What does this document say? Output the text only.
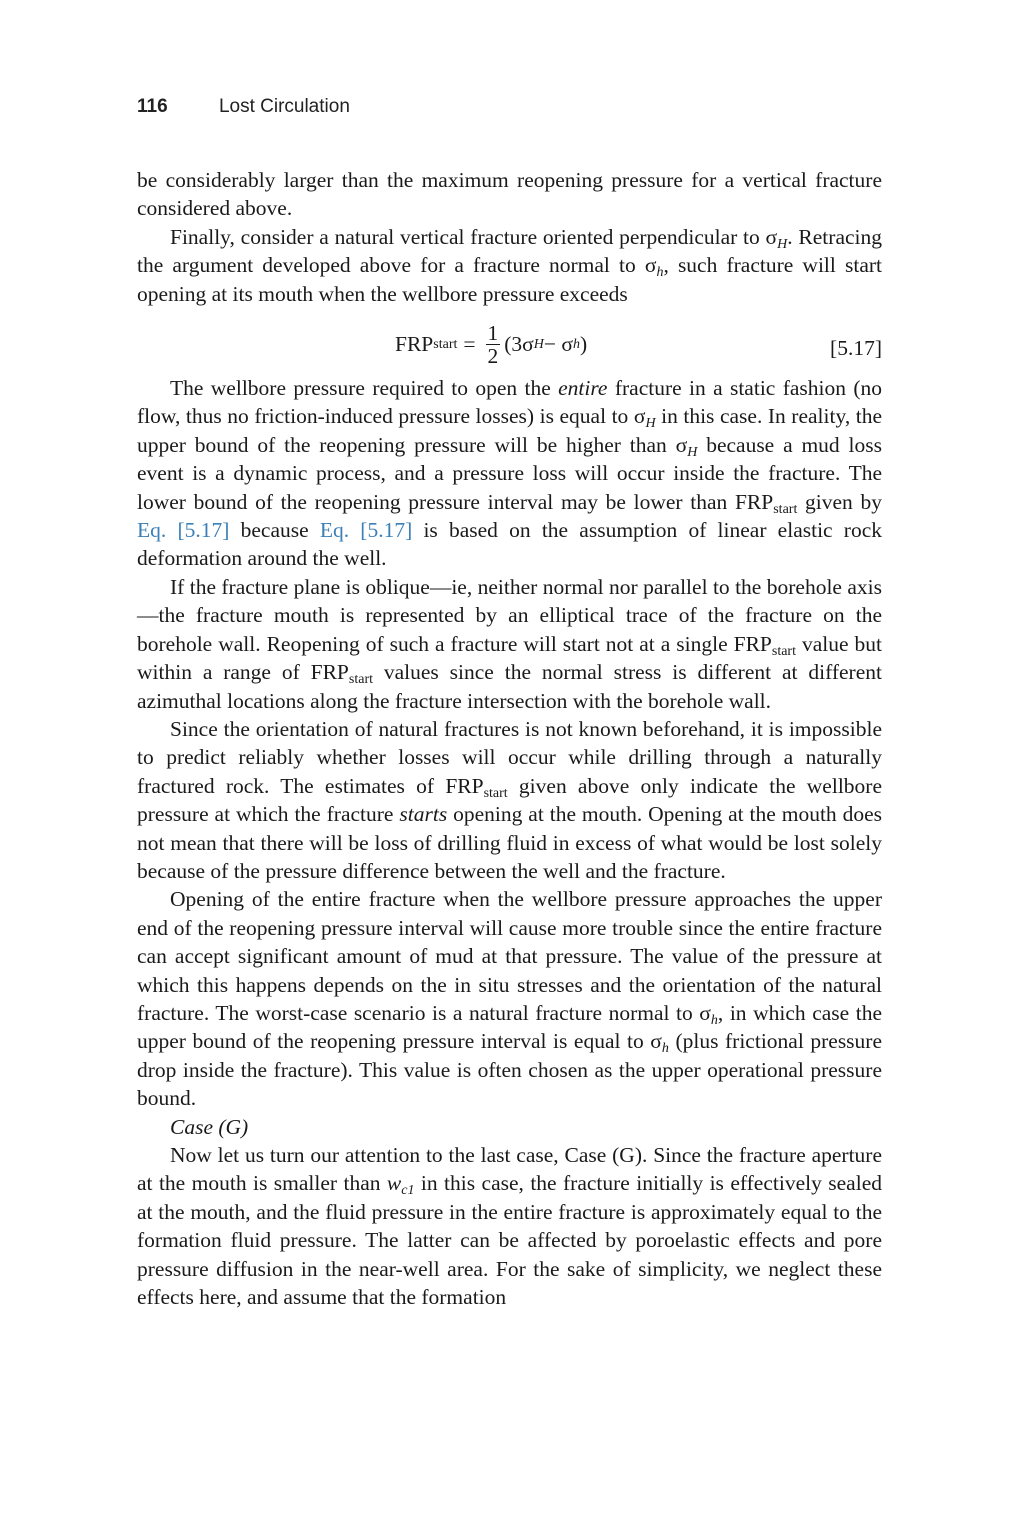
116	Lost Circulation

be considerably larger than the maximum reopening pressure for a vertical fracture considered above.

Finally, consider a natural vertical fracture oriented perpendicular to $\sigma_H$. Retracing the argument developed above for a fracture normal to $\sigma_h$, such fracture will start opening at its mouth when the wellbore pressure exceeds

FRP start = $\frac{1}{2} (3\sigma$ H − σ h )	[5.17]

The wellbore pressure required to open the entire fracture in a static fashion (no flow, thus no friction-induced pressure losses) is equal to $\sigma_H$ in this case. In reality, the upper bound of the reopening pressure will be higher than $\sigma_H$ because a mud loss event is a dynamic process, and a pressure loss will occur inside the fracture. The lower bound of the reopening pressure interval may be lower than $FRP_{start}$ given by Eq. [5.17] because Eq. [5.17] is based on the assumption of linear elastic rock deformation around the well.

If the fracture plane is oblique—ie, neither normal nor parallel to the borehole axis—the fracture mouth is represented by an elliptical trace of the fracture on the borehole wall. Reopening of such a fracture will start not at a single $FRP_{start}$ value but within a range of $FRP_{start}$ values since the normal stress is different at different azimuthal locations along the fracture intersection with the borehole wall.

Since the orientation of natural fractures is not known beforehand, it is impossible to predict reliably whether losses will occur while drilling through a naturally fractured rock. The estimates of $FRP_{start}$ given above only indicate the wellbore pressure at which the fracture starts opening at the mouth. Opening at the mouth does not mean that there will be loss of drilling fluid in excess of what would be lost solely because of the pressure difference between the well and the fracture.

Opening of the entire fracture when the wellbore pressure approaches the upper end of the reopening pressure interval will cause more trouble since the entire fracture can accept significant amount of mud at that pressure. The value of the pressure at which this happens depends on the in situ stresses and the orientation of the natural fracture. The worst-case scenario is a natural fracture normal to $\sigma_h$, in which case the upper bound of the reopening pressure interval is equal to $\sigma_h$ (plus frictional pressure drop inside the fracture). This value is often chosen as the upper operational pressure bound.

Case (G)

Now let us turn our attention to the last case, Case (G). Since the fracture aperture at the mouth is smaller than $w_{c1}$ in this case, the fracture initially is effectively sealed at the mouth, and the fluid pressure in the entire fracture is approximately equal to the formation fluid pressure. The latter can be affected by poroelastic effects and pore pressure diffusion in the near-well area. For the sake of simplicity, we neglect these effects here, and assume that the formation
